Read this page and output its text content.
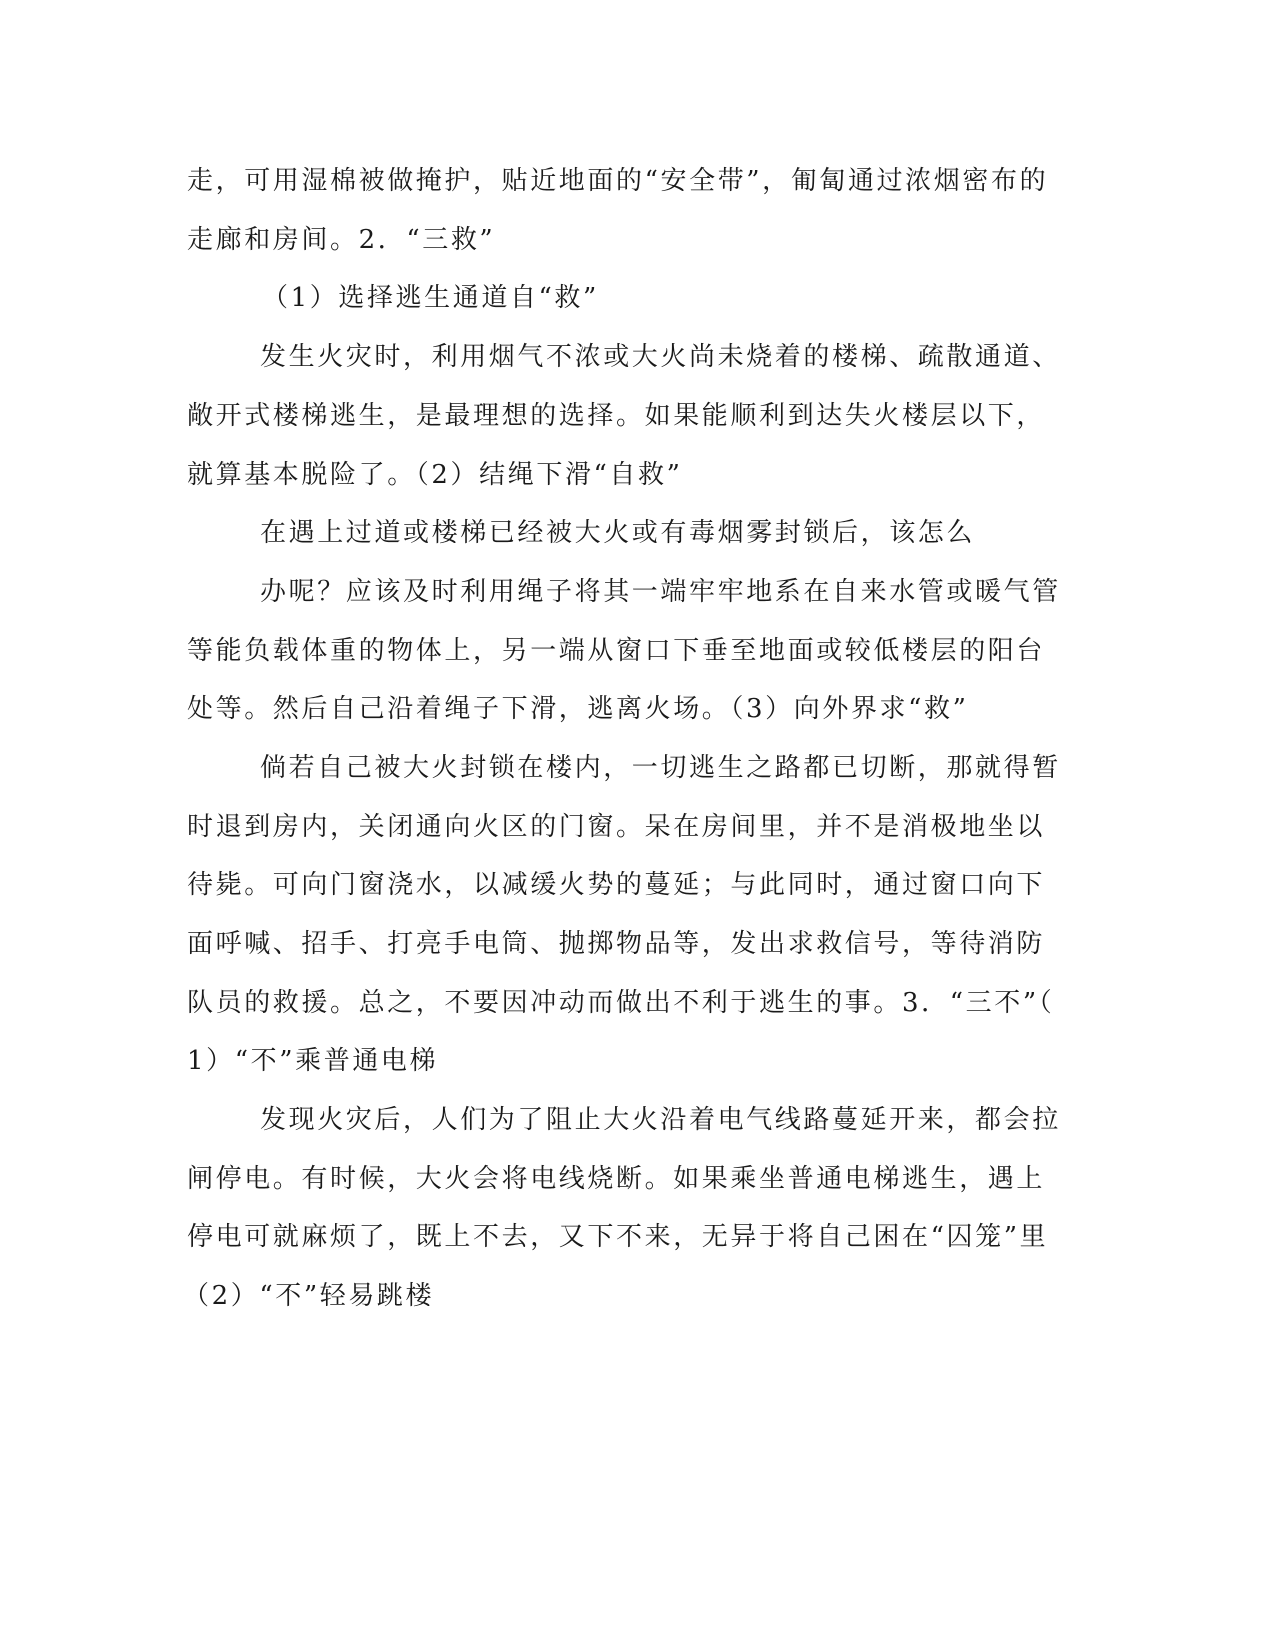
走，可用湿棉被做掩护，贴近地面的“安全带”，匍匐通过浓烟密布的
走廊和房间。2．“三救”
（1）选择逃生通道自“救”
发生火灾时，利用烟气不浓或大火尚未烧着的楼梯、疏散通道、
敞开式楼梯逃生，是最理想的选择。如果能顺利到达失火楼层以下，
就算基本脱险了。（2）结绳下滑“自救”
在遇上过道或楼梯已经被大火或有毒烟雾封锁后，该怎么
办呢？应该及时利用绳子将其一端牢牢地系在自来水管或暖气管
等能负载体重的物体上，另一端从窗口下垂至地面或较低楼层的阳台
处等。然后自己沿着绳子下滑，逃离火场。（3）向外界求“救”
倘若自己被大火封锁在楼内，一切逃生之路都已切断，那就得暂
时退到房内，关闭通向火区的门窗。呆在房间里，并不是消极地坐以
待毙。可向门窗浇水，以减缓火势的蔓延；与此同时，通过窗口向下
面呼喊、招手、打亮手电筒、抛掷物品等，发出求救信号，等待消防
队员的救援。总之，不要因冲动而做出不利于逃生的事。3．“三不”（
1）“不”乘普通电梯
发现火灾后，人们为了阻止大火沿着电气线路蔓延开来，都会拉
闸停电。有时候，大火会将电线烧断。如果乘坐普通电梯逃生，遇上
停电可就麻烦了，既上不去，又下不来，无异于将自己困在“囚笼”里
（2）“不”轻易跳楼
